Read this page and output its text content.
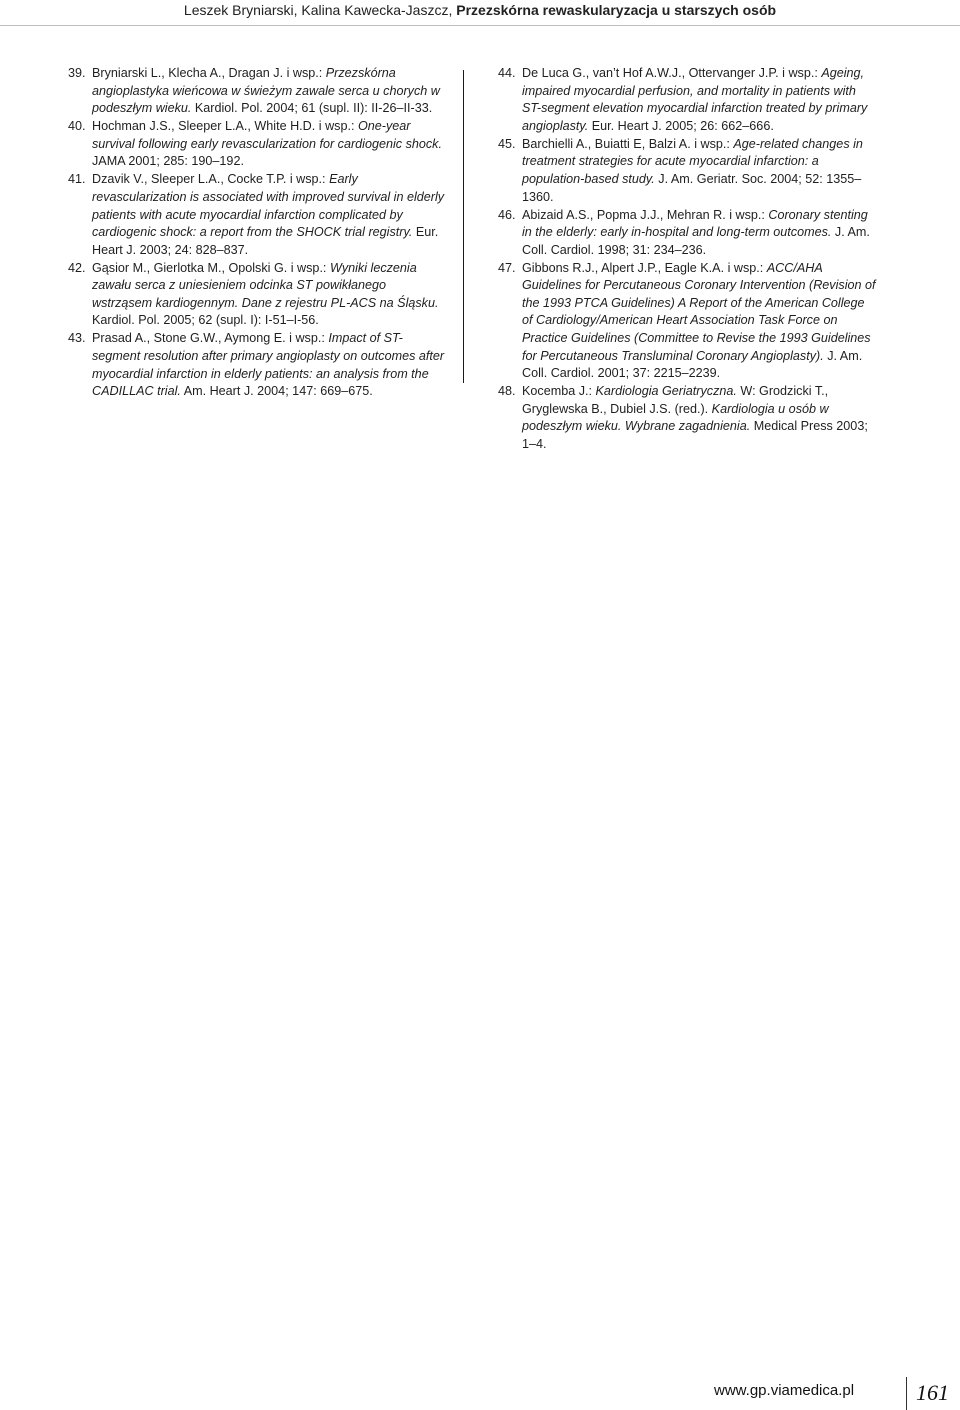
Leszek Bryniarski, Kalina Kawecka-Jaszcz, Przezskórna rewaskularyzacja u starszych osób
39. Bryniarski L., Klecha A., Dragan J. i wsp.: Przezskórna angioplastyka wieńcowa w świeżym zawale serca u chorych w podeszłym wieku. Kardiol. Pol. 2004; 61 (supl. II): II-26–II-33.
40. Hochman J.S., Sleeper L.A., White H.D. i wsp.: One-year survival following early revascularization for cardiogenic shock. JAMA 2001; 285: 190–192.
41. Dzavik V., Sleeper L.A., Cocke T.P. i wsp.: Early revascularization is associated with improved survival in elderly patients with acute myocardial infarction complicated by cardiogenic shock: a report from the SHOCK trial registry. Eur. Heart J. 2003; 24: 828–837.
42. Gąsior M., Gierlotka M., Opolski G. i wsp.: Wyniki leczenia zawału serca z uniesieniem odcinka ST powikłanego wstrząsem kardiogennym. Dane z rejestru PL-ACS na Śląsku. Kardiol. Pol. 2005; 62 (supl. I): I-51–I-56.
43. Prasad A., Stone G.W., Aymong E. i wsp.: Impact of ST-segment resolution after primary angioplasty on outcomes after myocardial infarction in elderly patients: an analysis from the CADILLAC trial. Am. Heart J. 2004; 147: 669–675.
44. De Luca G., van’t Hof A.W.J., Ottervanger J.P. i wsp.: Ageing, impaired myocardial perfusion, and mortality in patients with ST-segment elevation myocardial infarction treated by primary angioplasty. Eur. Heart J. 2005; 26: 662–666.
45. Barchielli A., Buiatti E, Balzi A. i wsp.: Age-related changes in treatment strategies for acute myocardial infarction: a population-based study. J. Am. Geriatr. Soc. 2004; 52: 1355–1360.
46. Abizaid A.S., Popma J.J., Mehran R. i wsp.: Coronary stenting in the elderly: early in-hospital and long-term outcomes. J. Am. Coll. Cardiol. 1998; 31: 234–236.
47. Gibbons R.J., Alpert J.P., Eagle K.A. i wsp.: ACC/AHA Guidelines for Percutaneous Coronary Intervention (Revision of the 1993 PTCA Guidelines) A Report of the American College of Cardiology/American Heart Association Task Force on Practice Guidelines (Committee to Revise the 1993 Guidelines for Percutaneous Transluminal Coronary Angioplasty). J. Am. Coll. Cardiol. 2001; 37: 2215–2239.
48. Kocemba J.: Kardiologia Geriatryczna. W: Grodzicki T., Gryglewska B., Dubiel J.S. (red.). Kardiologia u osób w podeszłym wieku. Wybrane zagadnienia. Medical Press 2003; 1–4.
www.gp.viamedica.pl	161
